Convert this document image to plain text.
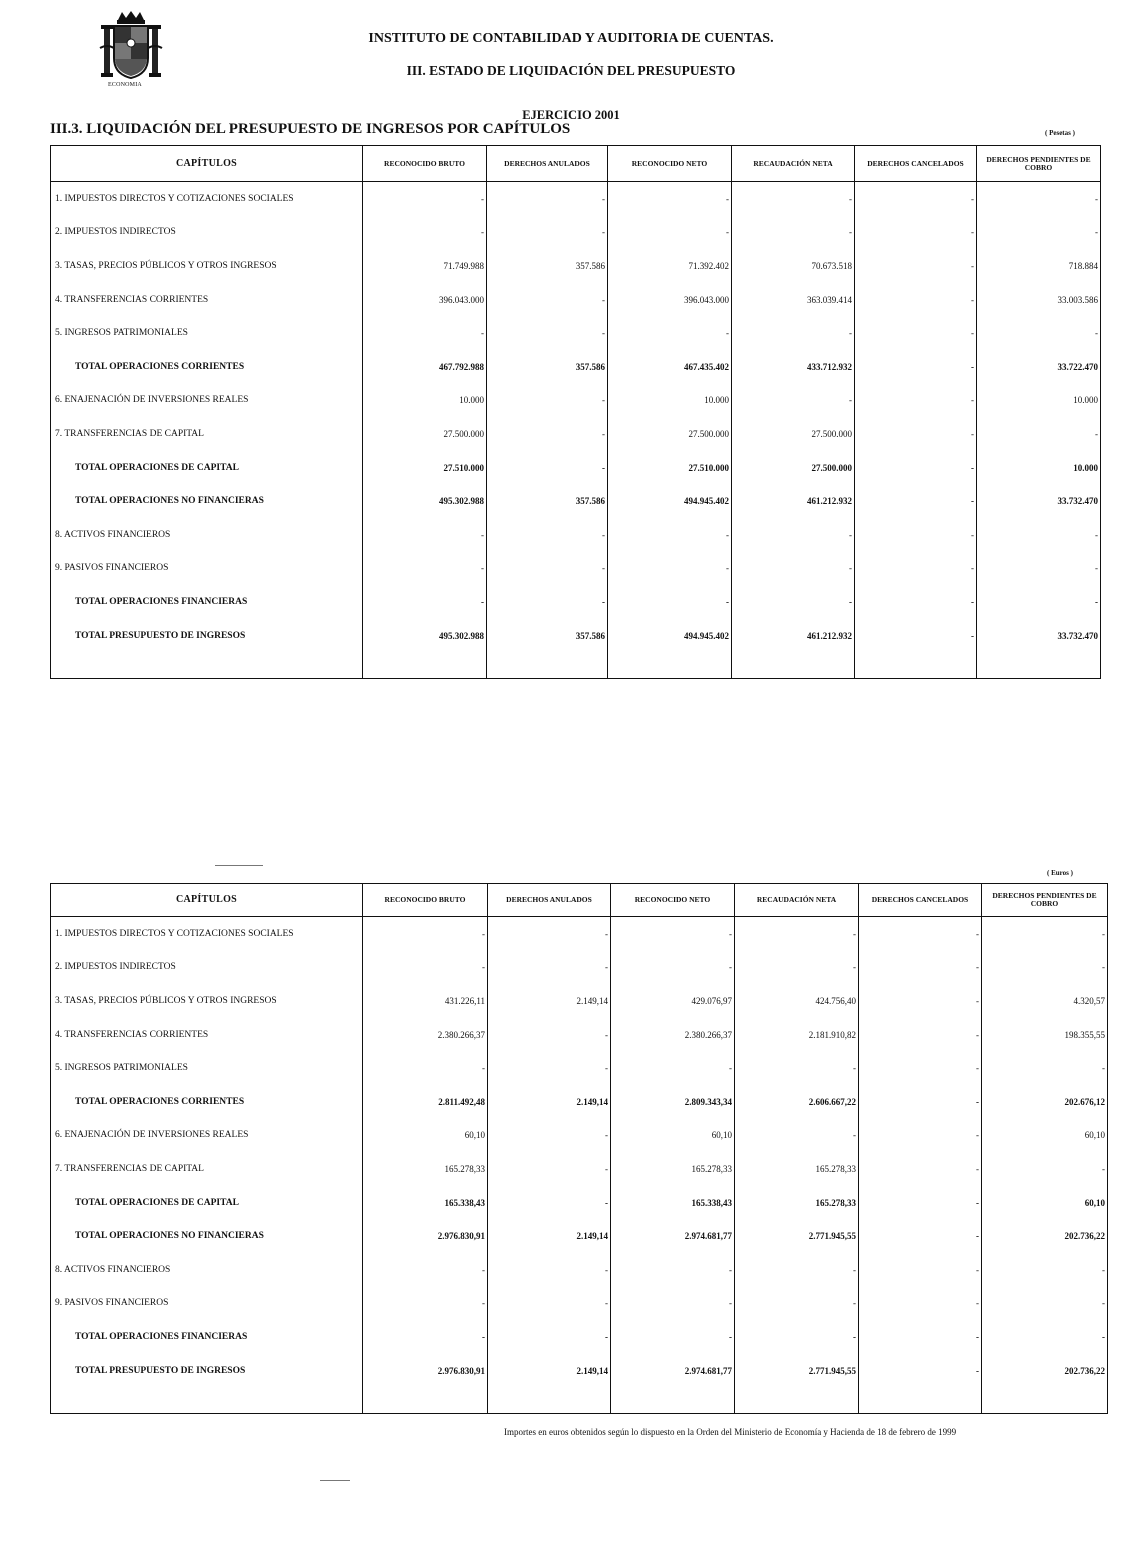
ECONOMIA
INSTITUTO DE CONTABILIDAD Y AUDITORIA DE CUENTAS.
III. ESTADO DE LIQUIDACIÓN DEL PRESUPUESTO
EJERCICIO 2001
III.3. LIQUIDACIÓN DEL PRESUPUESTO DE INGRESOS POR CAPÍTULOS	( Pesetas )
( Euros )
CAPÍTULOS	RECONOCIDO BRUTO	DERECHOS ANULADOS	RECONOCIDO NETO	RECAUDACIÓN NETA	DERECHOS CANCELADOS	DERECHOS PENDIENTES DE COBRO
1. IMPUESTOS DIRECTOS Y COTIZACIONES SOCIALES	-	-	-	-	-	-
2. IMPUESTOS INDIRECTOS	-	-	-	-	-	-
3. TASAS, PRECIOS PÚBLICOS Y OTROS INGRESOS	71.749.988	357.586	71.392.402	70.673.518	-	718.884
4. TRANSFERENCIAS CORRIENTES	396.043.000	-	396.043.000	363.039.414	-	33.003.586
5. INGRESOS PATRIMONIALES	-	-	-	-	-	-
TOTAL OPERACIONES CORRIENTES	467.792.988	357.586	467.435.402	433.712.932	-	33.722.470
6. ENAJENACIÓN DE INVERSIONES REALES	10.000	-	10.000	-	-	10.000
7. TRANSFERENCIAS DE CAPITAL	27.500.000	-	27.500.000	27.500.000	-	-
TOTAL OPERACIONES DE CAPITAL	27.510.000	-	27.510.000	27.500.000	-	10.000
TOTAL OPERACIONES NO FINANCIERAS	495.302.988	357.586	494.945.402	461.212.932	-	33.732.470
8. ACTIVOS FINANCIEROS	-	-	-	-	-	-
9. PASIVOS FINANCIEROS	-	-	-	-	-	-
TOTAL OPERACIONES FINANCIERAS	-	-	-	-	-	-
TOTAL PRESUPUESTO DE INGRESOS	495.302.988	357.586	494.945.402	461.212.932	-	33.732.470

CAPÍTULOS	RECONOCIDO BRUTO	DERECHOS ANULADOS	RECONOCIDO NETO	RECAUDACIÓN NETA	DERECHOS CANCELADOS	DERECHOS PENDIENTES DE COBRO
1. IMPUESTOS DIRECTOS Y COTIZACIONES SOCIALES	-	-	-	-	-	-
2. IMPUESTOS INDIRECTOS	-	-	-	-	-	-
3. TASAS, PRECIOS PÚBLICOS Y OTROS INGRESOS	431.226,11	2.149,14	429.076,97	424.756,40	-	4.320,57
4. TRANSFERENCIAS CORRIENTES	2.380.266,37	-	2.380.266,37	2.181.910,82	-	198.355,55
5. INGRESOS PATRIMONIALES	-	-	-	-	-	-
TOTAL OPERACIONES CORRIENTES	2.811.492,48	2.149,14	2.809.343,34	2.606.667,22	-	202.676,12
6. ENAJENACIÓN DE INVERSIONES REALES	60,10	-	60,10	-	-	60,10
7. TRANSFERENCIAS DE CAPITAL	165.278,33	-	165.278,33	165.278,33	-	-
TOTAL OPERACIONES DE CAPITAL	165.338,43	-	165.338,43	165.278,33	-	60,10
TOTAL OPERACIONES NO FINANCIERAS	2.976.830,91	2.149,14	2.974.681,77	2.771.945,55	-	202.736,22
8. ACTIVOS FINANCIEROS	-	-	-	-	-	-
9. PASIVOS FINANCIEROS	-	-	-	-	-	-
TOTAL OPERACIONES FINANCIERAS	-	-	-	-	-	-
TOTAL PRESUPUESTO DE INGRESOS	2.976.830,91	2.149,14	2.974.681,77	2.771.945,55	-	202.736,22

Importes en euros obtenidos según lo dispuesto en la Orden del Ministerio de Economía y Hacienda de 18 de febrero de 1999
